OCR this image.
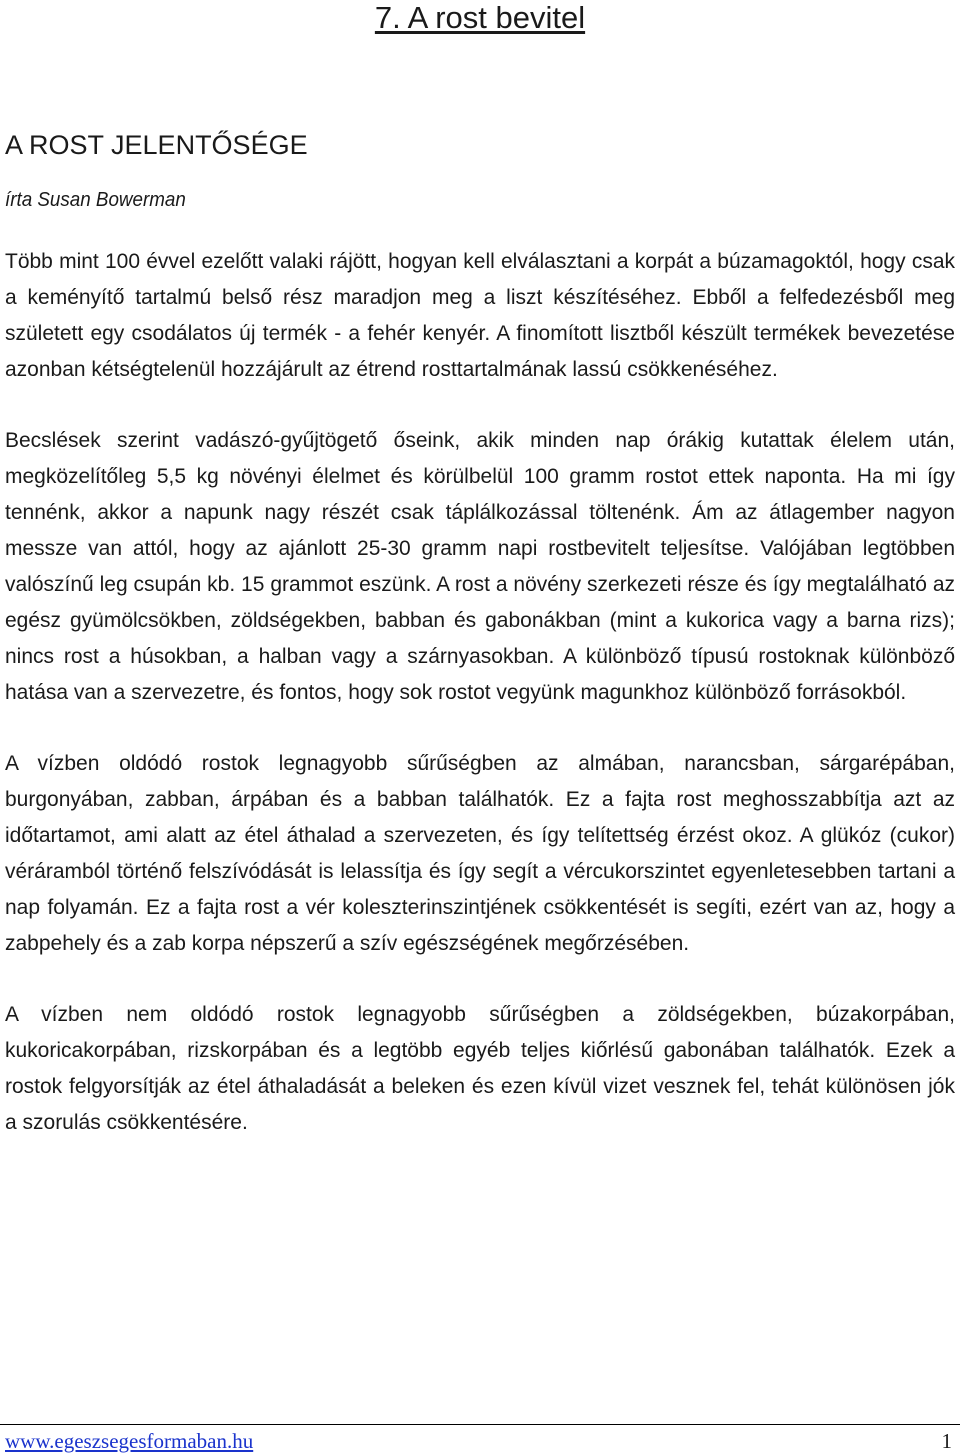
7. A rost bevitel
A ROST JELENTŐSÉGE

írta Susan Bowerman

Több mint 100 évvel ezelőtt valaki rájött, hogyan kell elválasztani a korpát a búzamagoktól, hogy csak a keményítő tartalmú belső rész maradjon meg a liszt készítéséhez. Ebből a felfedezésből meg született egy csodálatos új termék - a fehér kenyér. A finomított lisztből készült termékek bevezetése azonban kétségtelenül hozzájárult az étrend rosttartalmának lassú csökkenéséhez.

Becslések szerint vadászó-gyűjtögető őseink, akik minden nap órákig kutattak élelem után, megközelítőleg 5,5 kg növényi élelmet és körülbelül 100 gramm rostot ettek naponta. Ha mi így tennénk, akkor a napunk nagy részét csak táplálkozással töltenénk. Ám az átlagember nagyon messze van attól, hogy az ajánlott 25-30 gramm napi rostbevitelt teljesítse. Valójában legtöbben valószínű leg csupán kb. 15 grammot eszünk. A rost a növény szerkezeti része és így megtalálható az egész gyümölcsökben, zöldségekben, babban és gabonákban (mint a kukorica vagy a barna rizs); nincs rost a húsokban, a halban vagy a szárnyasokban. A különböző típusú rostoknak különböző hatása van a szervezetre, és fontos, hogy sok rostot vegyünk magunkhoz különböző forrásokból.

A vízben oldódó rostok legnagyobb sűrűségben az almában, narancsban, sárgarépában, burgonyában, zabban, árpában és a babban találhatók. Ez a fajta rost meghosszabbítja azt az időtartamot, ami alatt az étel áthalad a szervezeten, és így telítettség érzést okoz. A glükóz (cukor) véráramból történő felszívódását is lelassítja és így segít a vércukorszintet egyenletesebben tartani a nap folyamán. Ez a fajta rost a vér koleszterinszintjének csökkentését is segíti, ezért van az, hogy a zabpehely és a zab korpa népszerű a szív egészségének megőrzésében.

A vízben nem oldódó rostok legnagyobb sűrűségben a zöldségekben, búzakorpában, kukoricakorpában, rizskorpában és a legtöbb egyéb teljes kiőrlésű gabonában találhatók. Ezek a rostok felgyorsítják az étel áthaladását a beleken és ezen kívül vizet vesznek fel, tehát különösen jók a szorulás csökkentésére.

www.egeszsegesformaban.hu	1
